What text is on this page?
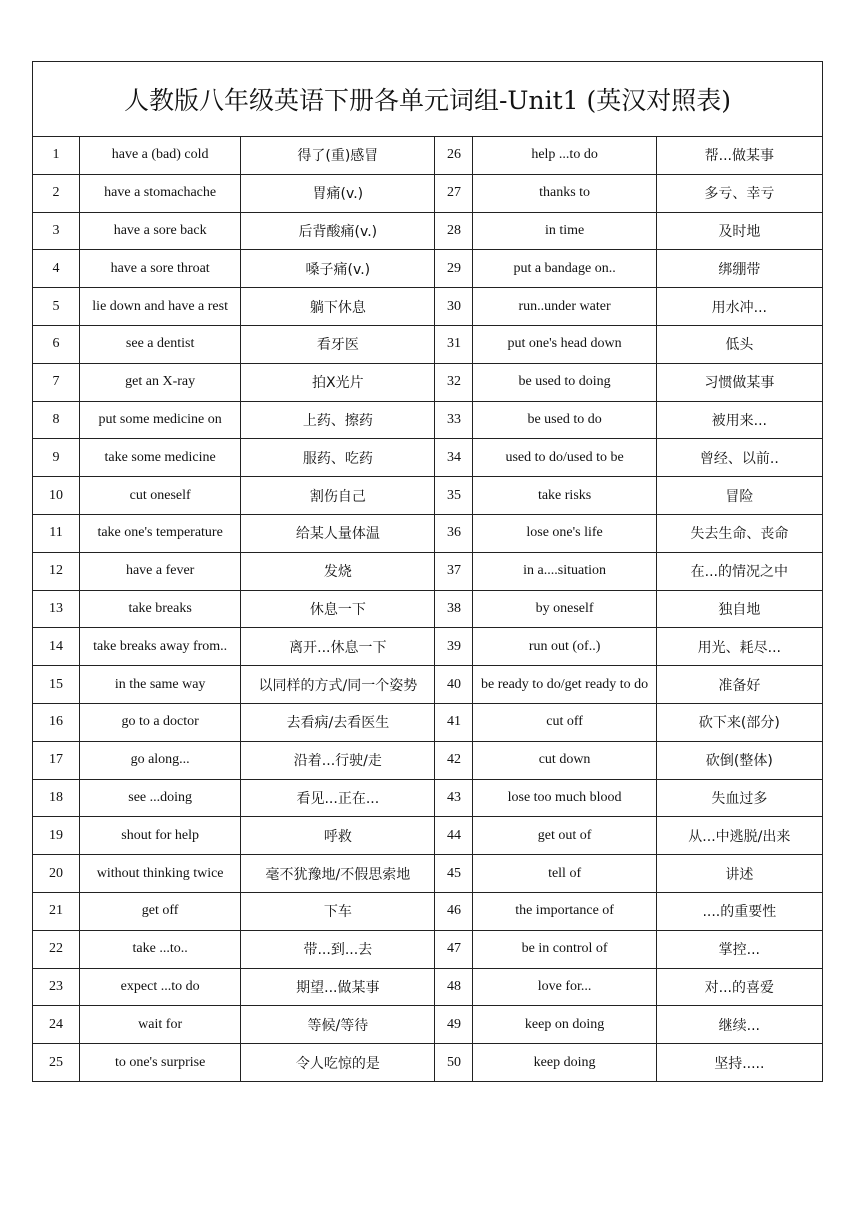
人教版八年级英语下册各单元词组-Unit1 (英汉对照表)					
1	have a (bad) cold	得了(重)感冒	26	help ...to do	帮...做某事
2	have a stomachache	胃痛(v.)	27	thanks to	多亏、幸亏
3	have a sore back	后背酸痛(v.)	28	in time	及时地
4	have a sore throat	嗓子痛(v.)	29	put a bandage on..	绑绷带
5	lie down and have a rest	躺下休息	30	run..under water	用水冲...
6	see a dentist	看牙医	31	put one's head down	低头
7	get an X-ray	拍X光片	32	be used to doing	习惯做某事
8	put some medicine on	上药、擦药	33	be used to do	被用来...
9	take some medicine	服药、吃药	34	used to do/used to be	曾经、以前..
10	cut oneself	割伤自己	35	take risks	冒险
11	take one's temperature	给某人量体温	36	lose one's life	失去生命、丧命
12	have a fever	发烧	37	in a....situation	在...的情况之中
13	take breaks	休息一下	38	by oneself	独自地
14	take breaks away from..	离开...休息一下	39	run out (of..)	用光、耗尽...
15	in the same way	以同样的方式/同一个姿势	40	be ready to do/get ready to do	准备好
16	go to a doctor	去看病/去看医生	41	cut off	砍下来(部分)
17	go along...	沿着...行驶/走	42	cut down	砍倒(整体)
18	see ...doing	看见...正在...	43	lose too much blood	失血过多
19	shout for help	呼救	44	get out of	从...中逃脱/出来
20	without thinking twice	毫不犹豫地/不假思索地	45	tell of	讲述
21	get off	下车	46	the importance of	....的重要性
22	take ...to..	带...到...去	47	be in control of	掌控...
23	expect ...to do	期望...做某事	48	love for...	对...的喜爱
24	wait for	等候/等待	49	keep on doing	继续...
25	to one's surprise	令人吃惊的是	50	keep doing	坚持.....
